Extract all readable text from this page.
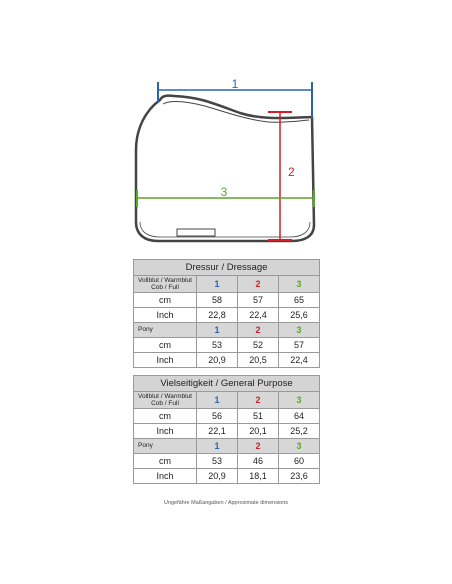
1
2
3
Dressur / Dressage			
Vollblut / Warmblut Cob / Full	1	2	3
cm	58	57	65
Inch	22,8	22,4	25,6
Pony	1	2	3
cm	53	52	57
Inch	20,9	20,5	22,4
Vielseitigkeit / General Purpose			
Vollblut / Warmblut Cob / Full	1	2	3
cm	56	51	64
Inch	22,1	20,1	25,2
Pony	1	2	3
cm	53	46	60
Inch	20,9	18,1	23,6
Ungefähre Maßangaben / Approximate dimensions
